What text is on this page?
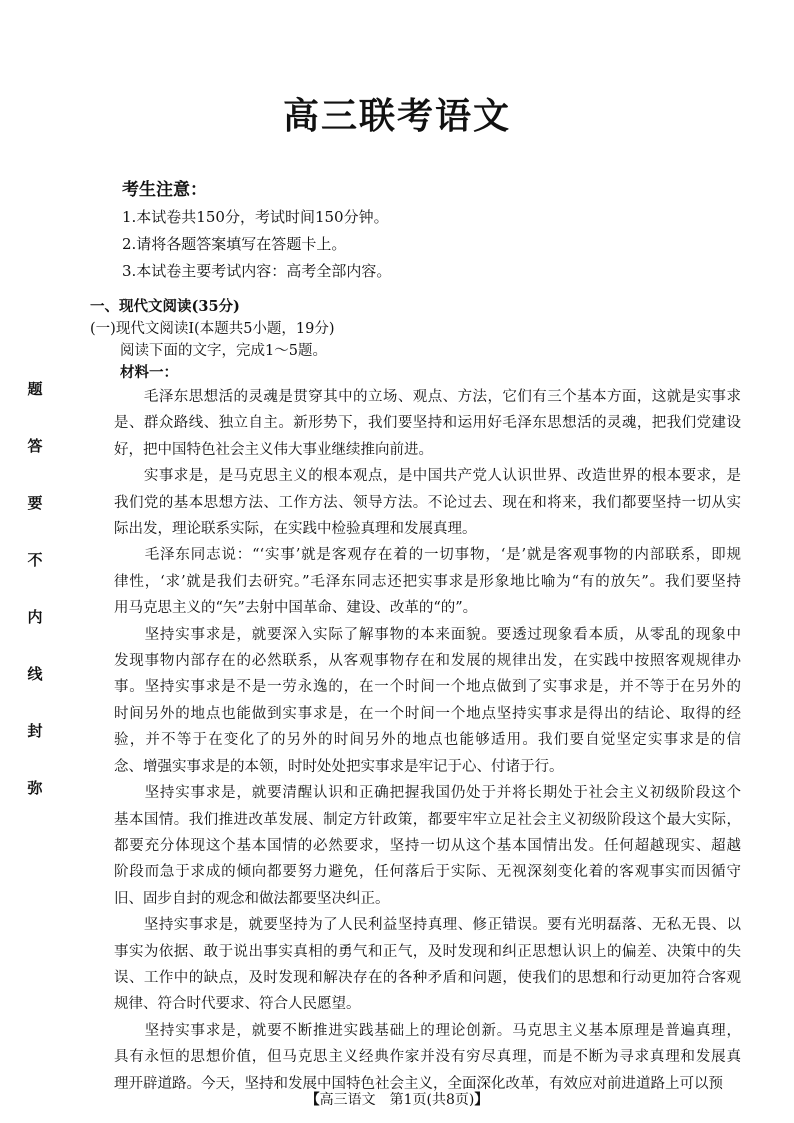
高三联考语文
考生注意：
1.本试卷共150分，考试时间150分钟。
2.请将各题答案填写在答题卡上。
3.本试卷主要考试内容：高考全部内容。
一、现代文阅读(35分)
(一)现代文阅读Ⅰ(本题共5小题，19分)
阅读下面的文字，完成1～5题。
材料一：
　　毛泽东思想活的灵魂是贯穿其中的立场、观点、方法，它们有三个基本方面，这就是实事求
是、群众路线、独立自主。新形势下，我们要坚持和运用好毛泽东思想活的灵魂，把我们党建设
好，把中国特色社会主义伟大事业继续推向前进。
　　实事求是，是马克思主义的根本观点，是中国共产党人认识世界、改造世界的根本要求，是
我们党的基本思想方法、工作方法、领导方法。不论过去、现在和将来，我们都要坚持一切从实
际出发，理论联系实际，在实践中检验真理和发展真理。
　　毛泽东同志说：“‘实事’就是客观存在着的一切事物，‘是’就是客观事物的内部联系，即规
律性，‘求’就是我们去研究。”毛泽东同志还把实事求是形象地比喻为“有的放矢”。我们要坚持
用马克思主义的“矢”去射中国革命、建设、改革的“的”。
　　坚持实事求是，就要深入实际了解事物的本来面貌。要透过现象看本质，从零乱的现象中
发现事物内部存在的必然联系，从客观事物存在和发展的规律出发，在实践中按照客观规律办
事。坚持实事求是不是一劳永逸的，在一个时间一个地点做到了实事求是，并不等于在另外的
时间另外的地点也能做到实事求是，在一个时间一个地点坚持实事求是得出的结论、取得的经
验，并不等于在变化了的另外的时间另外的地点也能够适用。我们要自觉坚定实事求是的信
念、增强实事求是的本领，时时处处把实事求是牢记于心、付诸于行。
　　坚持实事求是，就要清醒认识和正确把握我国仍处于并将长期处于社会主义初级阶段这个
基本国情。我们推进改革发展、制定方针政策，都要牢牢立足社会主义初级阶段这个最大实际，
都要充分体现这个基本国情的必然要求，坚持一切从这个基本国情出发。任何超越现实、超越
阶段而急于求成的倾向都要努力避免，任何落后于实际、无视深刻变化着的客观事实而因循守
旧、固步自封的观念和做法都要坚决纠正。
　　坚持实事求是，就要坚持为了人民利益坚持真理、修正错误。要有光明磊落、无私无畏、以
事实为依据、敢于说出事实真相的勇气和正气，及时发现和纠正思想认识上的偏差、决策中的失
误、工作中的缺点，及时发现和解决存在的各种矛盾和问题，使我们的思想和行动更加符合客观
规律、符合时代要求、符合人民愿望。
　　坚持实事求是，就要不断推进实践基础上的理论创新。马克思主义基本原理是普遍真理，
具有永恒的思想价值，但马克思主义经典作家并没有穷尽真理，而是不断为寻求真理和发展真
理开辟道路。今天，坚持和发展中国特色社会主义，全面深化改革，有效应对前进道路上可以预
题
答
要
不
内
线
封
弥
【高三语文　第1页(共8页)】
